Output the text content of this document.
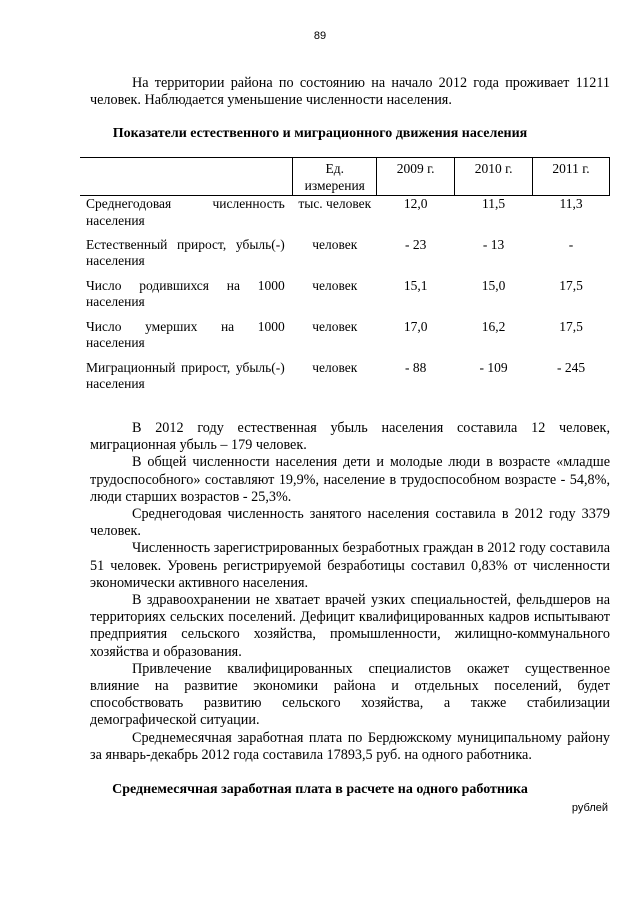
89

На территории района по состоянию на начало 2012 года проживает 11211 человек. Наблюдается уменьшение численности населения.

Показатели естественного и миграционного движения населения
	Ед. измерения	2009 г.	2010 г.	2011 г.
Среднегодовая численность населения	тыс. человек	12,0	11,5	11,3
Естественный прирост, убыль(-) населения	человек	- 23	- 13	-
Число родившихся на 1000 населения	человек	15,1	15,0	17,5
Число умерших на 1000 населения	человек	17,0	16,2	17,5
Миграционный прирост, убыль(-) населения	человек	- 88	- 109	- 245

В 2012 году естественная убыль населения составила 12 человек, миграционная убыль – 179 человек.

В общей численности населения дети и молодые люди в возрасте «младше трудоспособного» составляют 19,9%, население в трудоспособном возрасте - 54,8%, люди старших возрастов - 25,3%.

Среднегодовая численность занятого населения составила в 2012 году 3379 человек.

Численность зарегистрированных безработных граждан в 2012 году составила 51 человек. Уровень регистрируемой безработицы составил 0,83% от численности экономически активного населения.

В здравоохранении не хватает врачей узких специальностей, фельдшеров на территориях сельских поселений. Дефицит квалифицированных кадров испытывают предприятия сельского хозяйства, промышленности, жилищно-коммунального хозяйства и образования.

Привлечение квалифицированных специалистов окажет существенное влияние на развитие экономики района и отдельных поселений, будет способствовать развитию сельского хозяйства, а также стабилизации демографической ситуации.

Среднемесячная заработная плата по Бердюжскому муниципальному району за январь-декабрь 2012 года составила 17893,5 руб. на одного работника.

Среднемесячная заработная плата в расчете на одного работника
рублей
